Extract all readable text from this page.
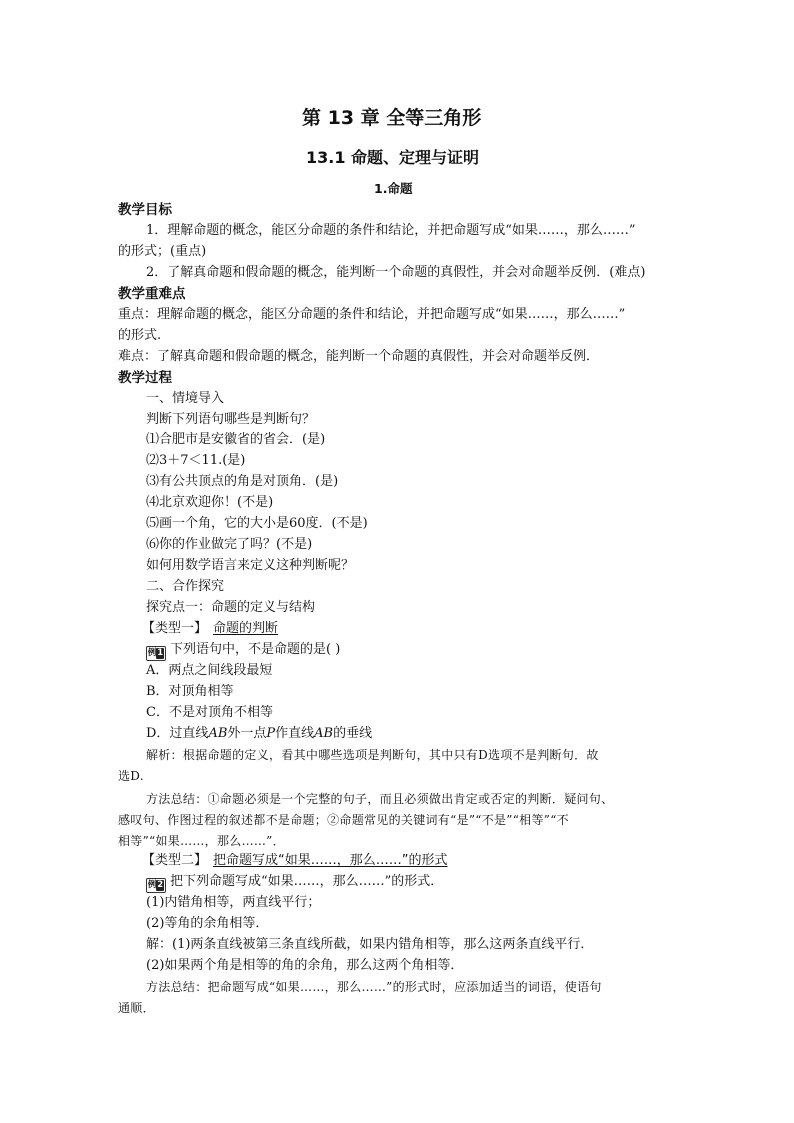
第 13 章 全等三角形
13.1 命题、定理与证明
1.命题
教学目标
1．理解命题的概念，能区分命题的条件和结论，并把命题写成“如果……，那么……”
的形式；(重点)
2．了解真命题和假命题的概念，能判断一个命题的真假性，并会对命题举反例．(难点)
教学重难点
重点：理解命题的概念，能区分命题的条件和结论，并把命题写成“如果……，那么……”
的形式.
难点：了解真命题和假命题的概念，能判断一个命题的真假性，并会对命题举反例．
教学过程
一、情境导入
判断下列语句哪些是判断句？
⑴合肥市是安徽省的省会．(是)
⑵3＋7＜11.(是)
⑶有公共顶点的角是对顶角．(是)
⑷北京欢迎你！(不是)
⑸画一个角，它的大小是60度．(不是)
⑹你的作业做完了吗？(不是)
如何用数学语言来定义这种判断呢？
二、合作探究
探究点一：命题的定义与结构
【类型一】 命题的判断
例1 下列语句中，不是命题的是( )
A．两点之间线段最短
B．对顶角相等
C．不是对顶角不相等
D．过直线AB外一点P作直线AB的垂线
解析：根据命题的定义，看其中哪些选项是判断句，其中只有D选项不是判断句．故
选D.
方法总结：①命题必须是一个完整的句子，而且必须做出肯定或否定的判断．疑问句、
感叹句、作图过程的叙述都不是命题；②命题常见的关键词有“是”“不是”“相等”“不
相等”“如果……，那么……”．
【类型二】 把命题写成“如果……，那么……”的形式
例2 把下列命题写成“如果……，那么……”的形式．
(1)内错角相等，两直线平行；
(2)等角的余角相等．
解：(1)两条直线被第三条直线所截，如果内错角相等，那么这两条直线平行．
(2)如果两个角是相等的角的余角，那么这两个角相等．
方法总结：把命题写成“如果……，那么……”的形式时，应添加适当的词语，使语句
通顺．
